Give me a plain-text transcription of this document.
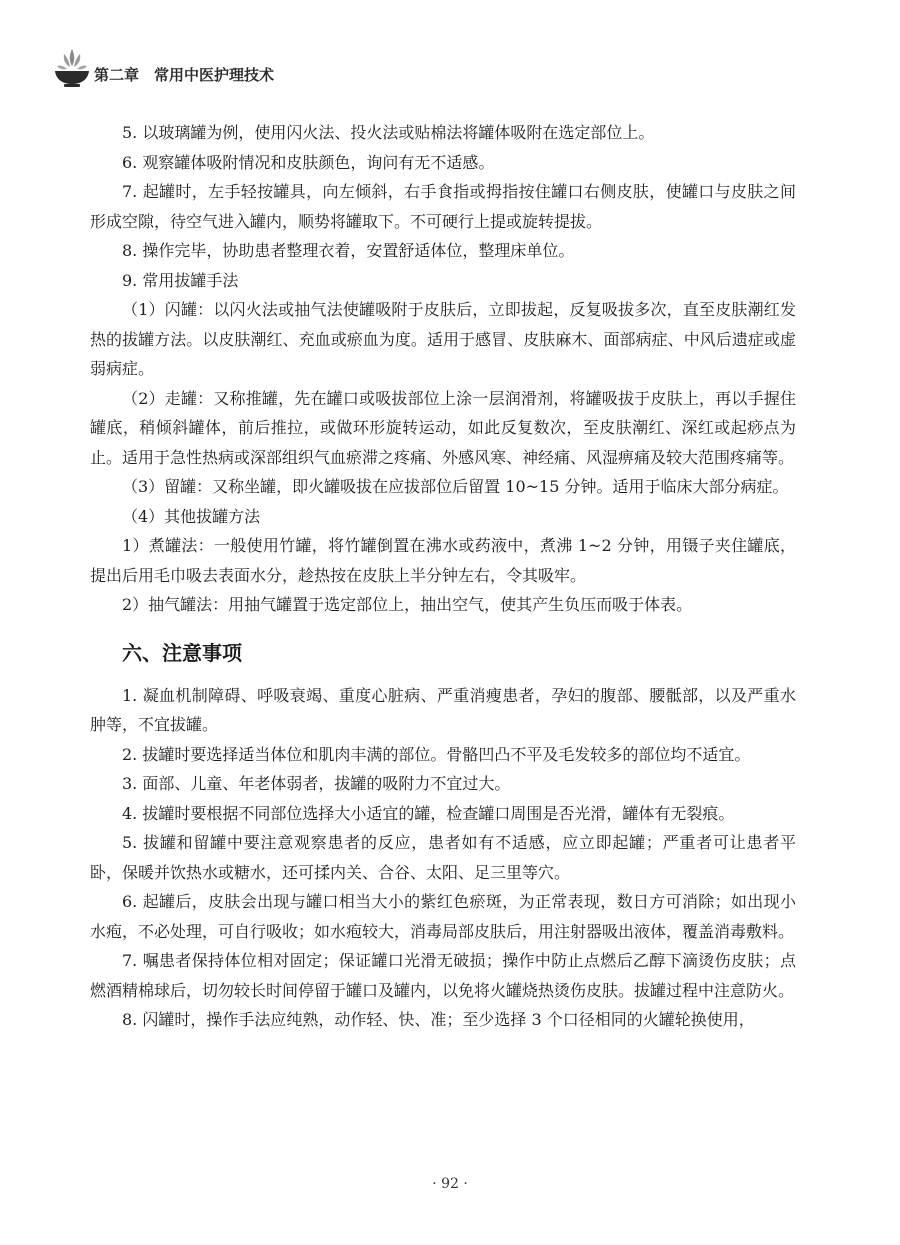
第二章　常用中医护理技术

5. 以玻璃罐为例，使用闪火法、投火法或贴棉法将罐体吸附在选定部位上。

6. 观察罐体吸附情况和皮肤颜色，询问有无不适感。

7. 起罐时，左手轻按罐具，向左倾斜，右手食指或拇指按住罐口右侧皮肤，使罐口与皮肤之间形成空隙，待空气进入罐内，顺势将罐取下。不可硬行上提或旋转提拔。

8. 操作完毕，协助患者整理衣着，安置舒适体位，整理床单位。

9. 常用拔罐手法

（1）闪罐：以闪火法或抽气法使罐吸附于皮肤后，立即拔起，反复吸拔多次，直至皮肤潮红发热的拔罐方法。以皮肤潮红、充血或瘀血为度。适用于感冒、皮肤麻木、面部病症、中风后遗症或虚弱病症。

（2）走罐：又称推罐，先在罐口或吸拔部位上涂一层润滑剂，将罐吸拔于皮肤上，再以手握住罐底，稍倾斜罐体，前后推拉，或做环形旋转运动，如此反复数次，至皮肤潮红、深红或起痧点为止。适用于急性热病或深部组织气血瘀滞之疼痛、外感风寒、神经痛、风湿痹痛及较大范围疼痛等。

（3）留罐：又称坐罐，即火罐吸拔在应拔部位后留置 10~15 分钟。适用于临床大部分病症。

（4）其他拔罐方法

1）煮罐法：一般使用竹罐，将竹罐倒置在沸水或药液中，煮沸 1~2 分钟，用镊子夹住罐底，提出后用毛巾吸去表面水分，趁热按在皮肤上半分钟左右，令其吸牢。

2）抽气罐法：用抽气罐置于选定部位上，抽出空气，使其产生负压而吸于体表。

六、注意事项

1. 凝血机制障碍、呼吸衰竭、重度心脏病、严重消瘦患者，孕妇的腹部、腰骶部，以及严重水肿等，不宜拔罐。

2. 拔罐时要选择适当体位和肌肉丰满的部位。骨骼凹凸不平及毛发较多的部位均不适宜。

3. 面部、儿童、年老体弱者，拔罐的吸附力不宜过大。

4. 拔罐时要根据不同部位选择大小适宜的罐，检查罐口周围是否光滑，罐体有无裂痕。

5. 拔罐和留罐中要注意观察患者的反应，患者如有不适感，应立即起罐；严重者可让患者平卧，保暖并饮热水或糖水，还可揉内关、合谷、太阳、足三里等穴。

6. 起罐后，皮肤会出现与罐口相当大小的紫红色瘀斑，为正常表现，数日方可消除；如出现小水疱，不必处理，可自行吸收；如水疱较大，消毒局部皮肤后，用注射器吸出液体，覆盖消毒敷料。

7. 嘱患者保持体位相对固定；保证罐口光滑无破损；操作中防止点燃后乙醇下滴烫伤皮肤；点燃酒精棉球后，切勿较长时间停留于罐口及罐内，以免将火罐烧热烫伤皮肤。拔罐过程中注意防火。

8. 闪罐时，操作手法应纯熟，动作轻、快、准；至少选择 3 个口径相同的火罐轮换使用，

· 92 ·
